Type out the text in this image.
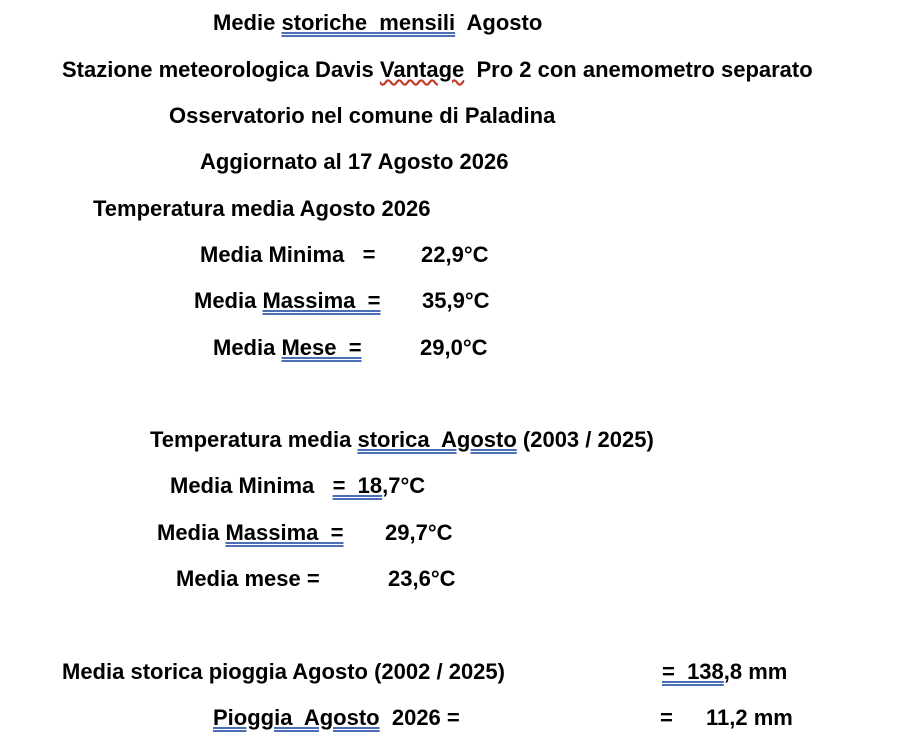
Medie storiche  mensili  Agosto
Stazione meteorologica Davis Vantage  Pro 2 con anemometro separato
Osservatorio nel comune di Paladina
Aggiornato al 17 Agosto 2026
Temperatura media Agosto 2026
Media Minima   = 22,9°C
Media Massima  = 35,9°C
Media Mese  =	29,0°C
Temperatura media storica  Agosto (2003 / 2025)
Media Minima   =  18,7°C
Media Massima  = 29,7°C
Media mese =	23,6°C
Media storica pioggia Agosto (2002 / 2025)	=  138,8 mm
Pioggia  Agosto  2026 =	= 11,2 mm
